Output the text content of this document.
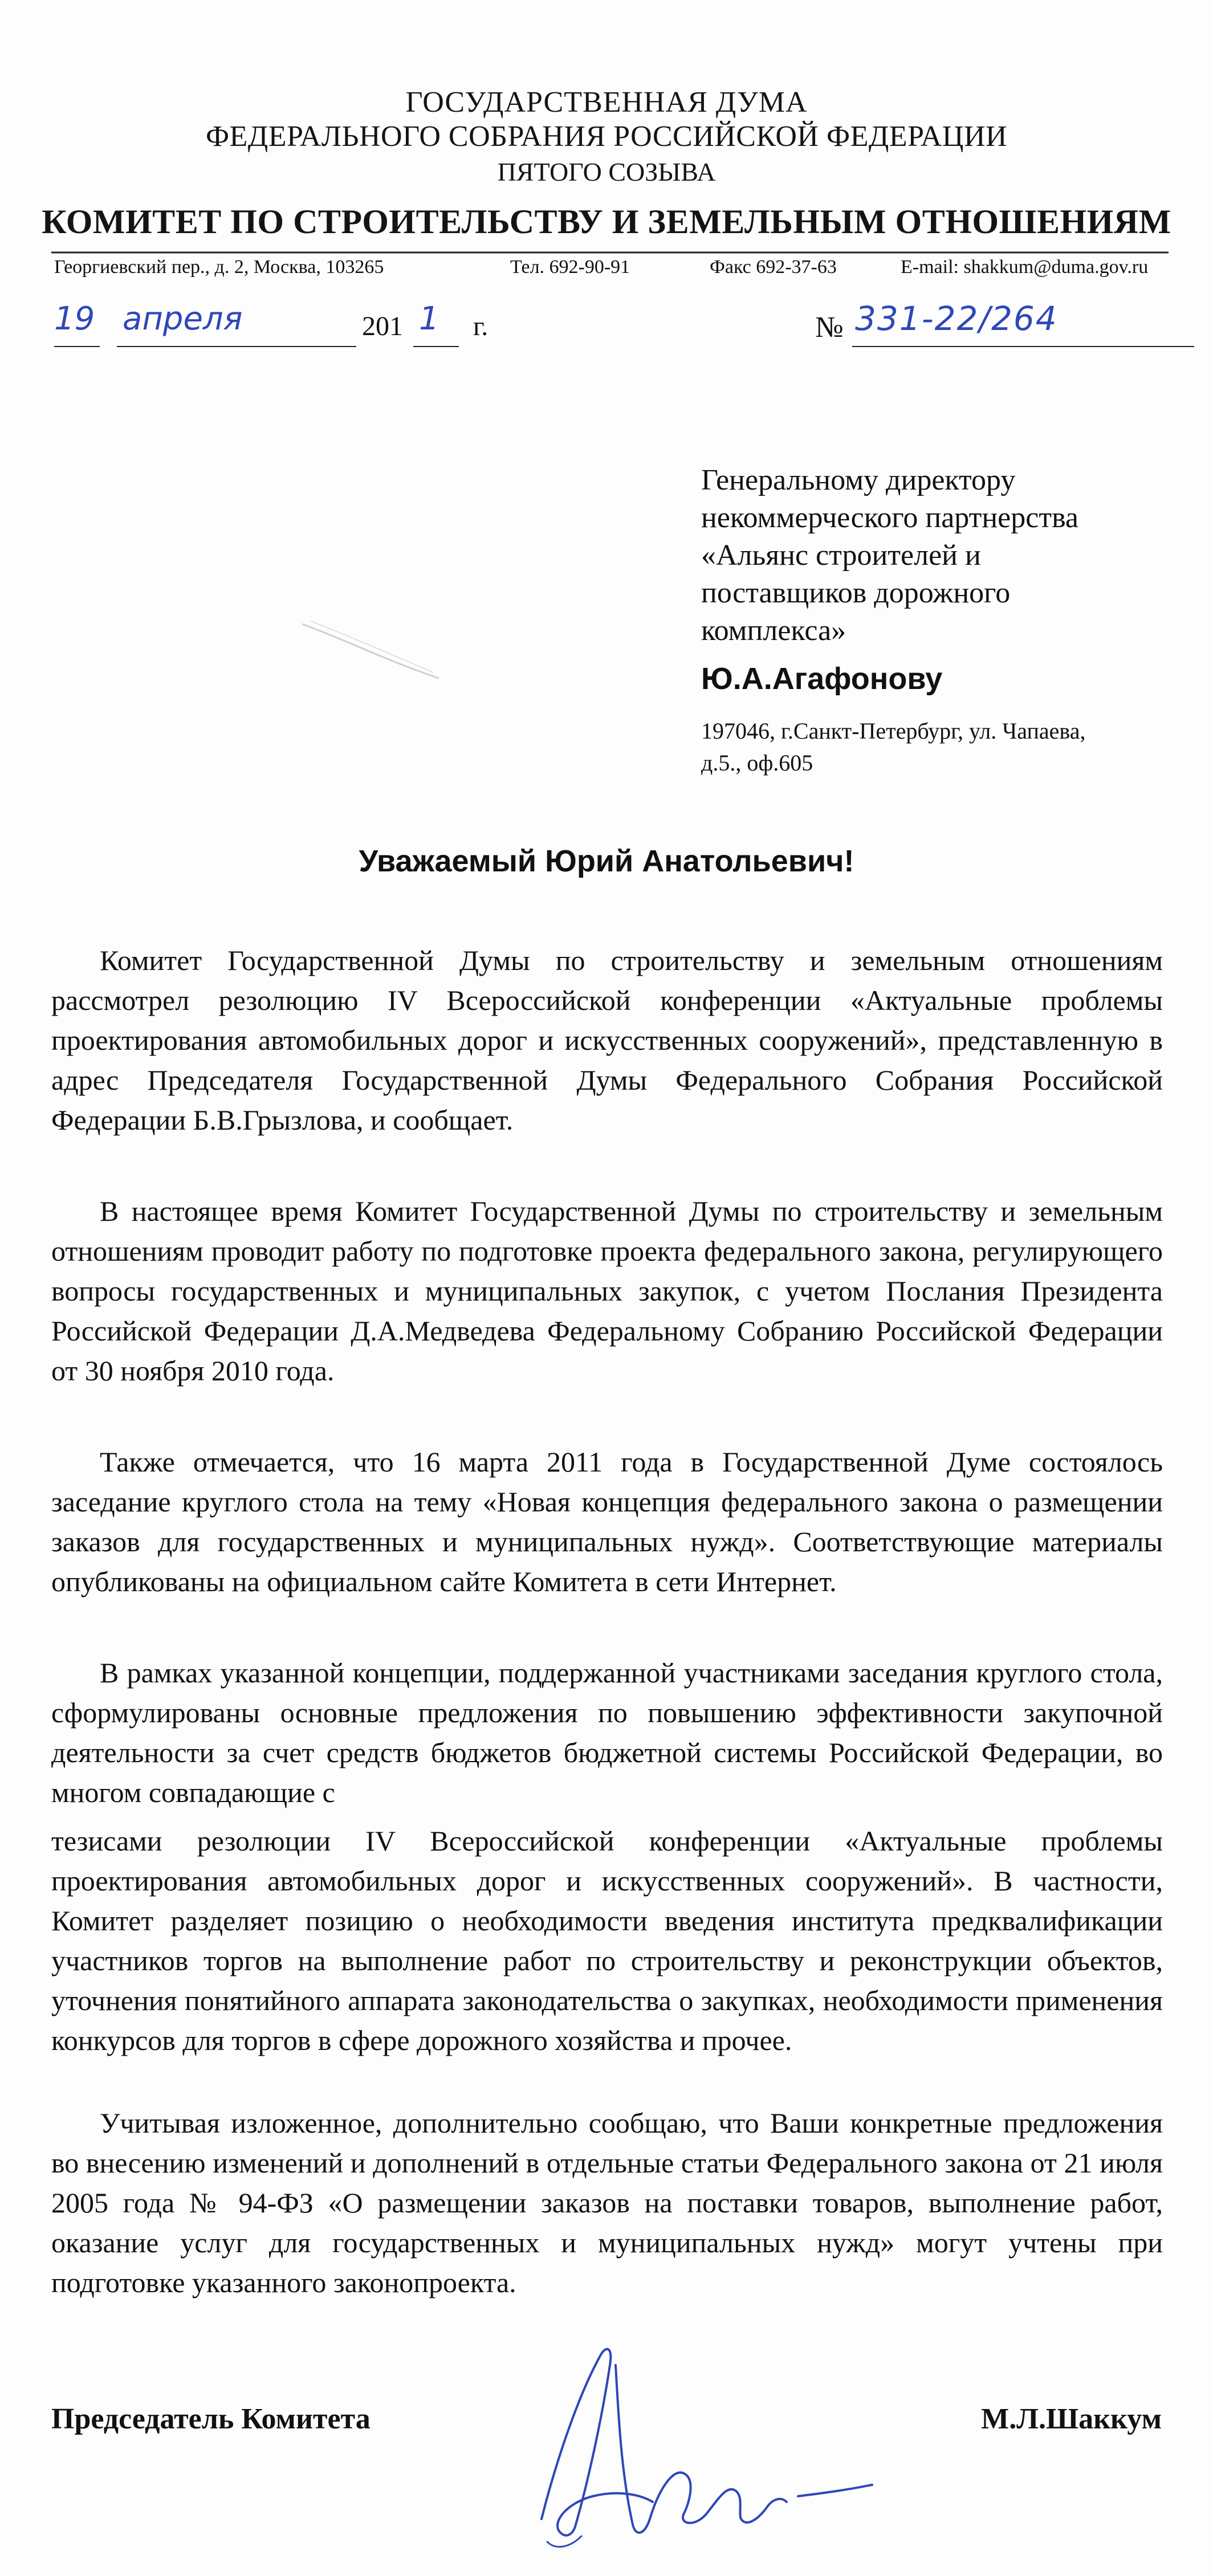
ГОСУДАРСТВЕННАЯ ДУМА
ФЕДЕРАЛЬНОГО СОБРАНИЯ РОССИЙСКОЙ ФЕДЕРАЦИИ
ПЯТОГО СОЗЫВА
КОМИТЕТ ПО СТРОИТЕЛЬСТВУ И ЗЕМЕЛЬНЫМ ОТНОШЕНИЯМ
Георгиевский пер., д. 2, Москва, 103265	Тел. 692-90-91	Факс 692-37-63	E-mail: shakkum@duma.gov.ru
19 апреля	201 1 г.	№ 331-22/264
Генеральному директору
некоммерческого партнерства
«Альянс строителей и
поставщиков дорожного
комплекса»
Ю.А.Агафонову
197046, г.Санкт-Петербург, ул. Чапаева,
д.5., оф.605
Уважаемый Юрий Анатольевич!
Комитет Государственной Думы по строительству и земельным отношениям рассмотрел резолюцию IV Всероссийской конференции «Актуальные проблемы проектирования автомобильных дорог и искусственных сооружений», представленную в адрес Председателя Государственной Думы Федерального Собрания Российской Федерации Б.В.Грызлова, и сообщает.
В настоящее время Комитет Государственной Думы по строительству и земельным отношениям проводит работу по подготовке проекта федерального закона, регулирующего вопросы государственных и муниципальных закупок, с учетом Послания Президента Российской Федерации Д.А.Медведева Федеральному Собранию Российской Федерации от 30 ноября 2010 года.
Также отмечается, что 16 марта 2011 года в Государственной Думе состоялось заседание круглого стола на тему «Новая концепция федерального закона о размещении заказов для государственных и муниципальных нужд». Соответствующие материалы опубликованы на официальном сайте Комитета в сети Интернет.
В рамках указанной концепции, поддержанной участниками заседания круглого стола, сформулированы основные предложения по повышению эффективности закупочной деятельности за счет средств бюджетов бюджетной системы Российской Федерации, во многом совпадающие с
тезисами резолюции IV Всероссийской конференции «Актуальные проблемы проектирования автомобильных дорог и искусственных сооружений». В частности, Комитет разделяет позицию о необходимости введения института предквалификации участников торгов на выполнение работ по строительству и реконструкции объектов, уточнения понятийного аппарата законодательства о закупках, необходимости применения конкурсов для торгов в сфере дорожного хозяйства и прочее.
Учитывая изложенное, дополнительно сообщаю, что Ваши конкретные предложения во внесению изменений и дополнений в отдельные статьи Федерального закона от 21 июля 2005 года № 94-ФЗ «О размещении заказов на поставки товаров, выполнение работ, оказание услуг для государственных и муниципальных нужд» могут учтены при подготовке указанного законопроекта.
Председатель Комитета	М.Л.Шаккум
